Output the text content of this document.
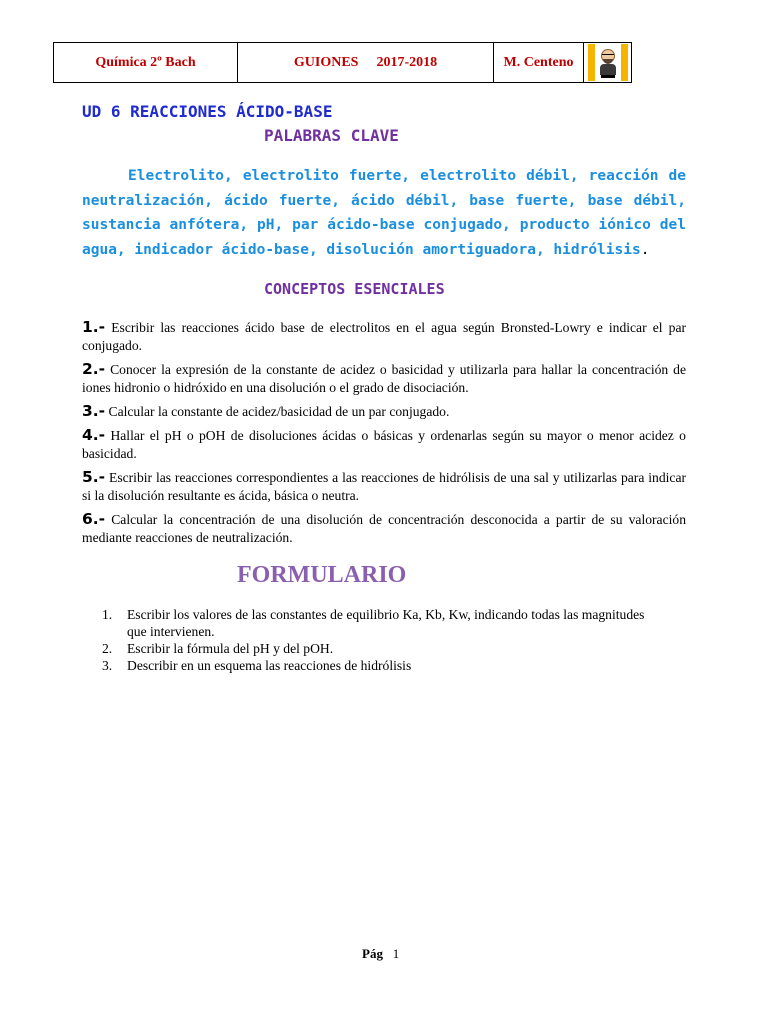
Química 2º Bach	GUIONES 2017-2018	M. Centeno
UD 6 REACCIONES ÁCIDO-BASE
PALABRAS CLAVE
Electrolito, electrolito fuerte, electrolito débil, reacción de neutralización, ácido fuerte, ácido débil, base fuerte, base débil, sustancia anfótera, pH, par ácido-base conjugado, producto iónico del agua, indicador ácido-base, disolución amortiguadora, hidrólisis.
CONCEPTOS ESENCIALES
1.- Escribir las reacciones ácido base de electrolitos en el agua según Bronsted-Lowry e indicar el par conjugado.
2.- Conocer la expresión de la constante de acidez o basicidad y utilizarla para hallar la concentración de iones hidronio o hidróxido en una disolución o el grado de disociación.
3.- Calcular la constante de acidez/basicidad de un par conjugado.
4.- Hallar el pH o pOH de disoluciones ácidas o básicas y ordenarlas según su mayor o menor acidez o basicidad.
5.- Escribir las reacciones correspondientes a las reacciones de hidrólisis de una sal y utilizarlas para indicar si la disolución resultante es ácida, básica o neutra.
6.- Calcular la concentración de una disolución de concentración desconocida a partir de su valoración mediante reacciones de neutralización.
FORMULARIO
1.	Escribir los valores de las constantes de equilibrio Ka, Kb, Kw, indicando todas las magnitudes que intervienen.
2.	Escribir la fórmula del pH y del pOH.
3.	Describir en un esquema las reacciones de hidrólisis
Pág 1
